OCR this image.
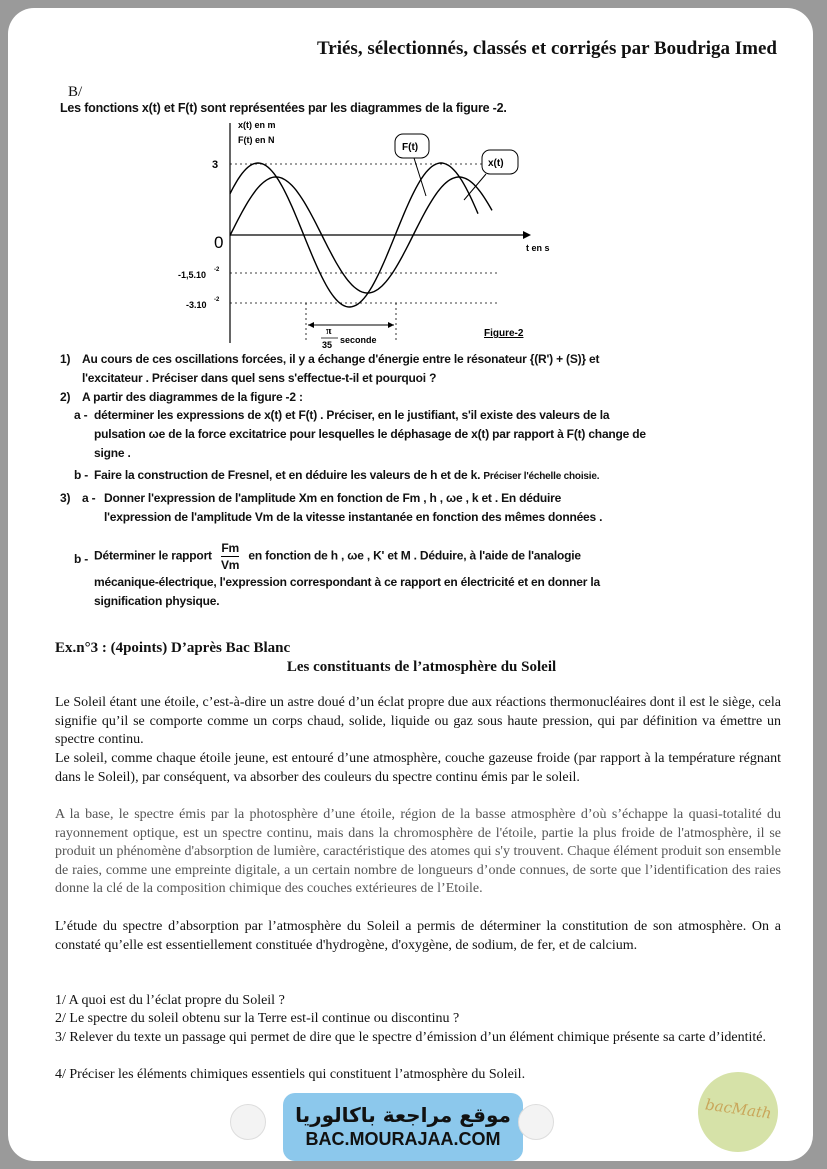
Triés, sélectionnés, classés et corrigés par Boudriga Imed
B/
Les fonctions x(t) et F(t) sont représentées par les diagrammes de la figure -2.
x(t) en m
F(t) en N
3
0
-1,5.10 -2
-3.10 -2
t en s
F(t)
x(t)
π
35 seconde
Figure-2
1) Au cours de ces oscillations forcées, il y a échange d'énergie entre le résonateur {(R') + (S)} et
l'excitateur . Préciser dans quel sens s'effectue-t-il et pourquoi ?
2) A partir des diagrammes de la figure -2 :
a - déterminer les expressions de x(t) et F(t) . Préciser, en le justifiant, s'il existe des valeurs de la
pulsation ωe de la force excitatrice pour lesquelles le déphasage de x(t) par rapport à F(t) change de
signe .
b - Faire la construction de Fresnel, et en déduire les valeurs de h et de k. Préciser l'échelle choisie.
3) a - Donner l'expression de l'amplitude Xm en fonction de Fm , h , ωe , k et . En déduire
l'expression de l'amplitude Vm de la vitesse instantanée en fonction des mêmes données .
b - Déterminer le rapport $\frac{Fm}{Vm}$ en fonction de h , ωe , K' et M . Déduire, à l'aide de l'analogie
mécanique-électrique, l'expression correspondant à ce rapport en électricité et en donner la
signification physique.
Ex.n°3 : (4points) D’après Bac Blanc
Les constituants de l’atmosphère du Soleil
Le Soleil étant une étoile, c’est-à-dire un astre doué d’un éclat propre due aux réactions thermonucléaires dont il est le siège, cela signifie qu’il se comporte comme un corps chaud, solide, liquide ou gaz sous haute pression, qui par définition va émettre un spectre continu.
Le soleil, comme chaque étoile jeune, est entouré d’une atmosphère, couche gazeuse froide (par rapport à la température régnant dans le Soleil), par conséquent, va absorber des couleurs du spectre continu émis par le soleil.
A la base, le spectre émis par la photosphère d’une étoile, région de la basse atmosphère d’où s’échappe la quasi-totalité du rayonnement optique, est un spectre continu, mais dans la chromosphère de l'étoile, partie la plus froide de l'atmosphère, il se produit un phénomène d'absorption de lumière, caractéristique des atomes qui s'y trouvent. Chaque élément produit son ensemble de raies, comme une empreinte digitale, a un certain nombre de longueurs d’onde connues, de sorte que l’identification des raies donne la clé de la composition chimique des couches extérieures de l’Etoile.
L’étude du spectre d’absorption par l’atmosphère du Soleil a permis de déterminer la constitution de son atmosphère. On a constaté qu’elle est essentiellement constituée d'hydrogène, d'oxygène, de sodium, de fer, et de calcium.
1/ A quoi est du l’éclat propre du Soleil ?
2/ Le spectre du soleil obtenu sur la Terre est-il continue ou discontinu ?
3/ Relever du texte un passage qui permet de dire que le spectre d’émission d’un élément chimique présente sa carte d’identité.
4/ Préciser les éléments chimiques essentiels qui constituent l’atmosphère du Soleil.
موقع مراجعة باكالوريا
BAC.MOURAJAA.COM
bacMath
